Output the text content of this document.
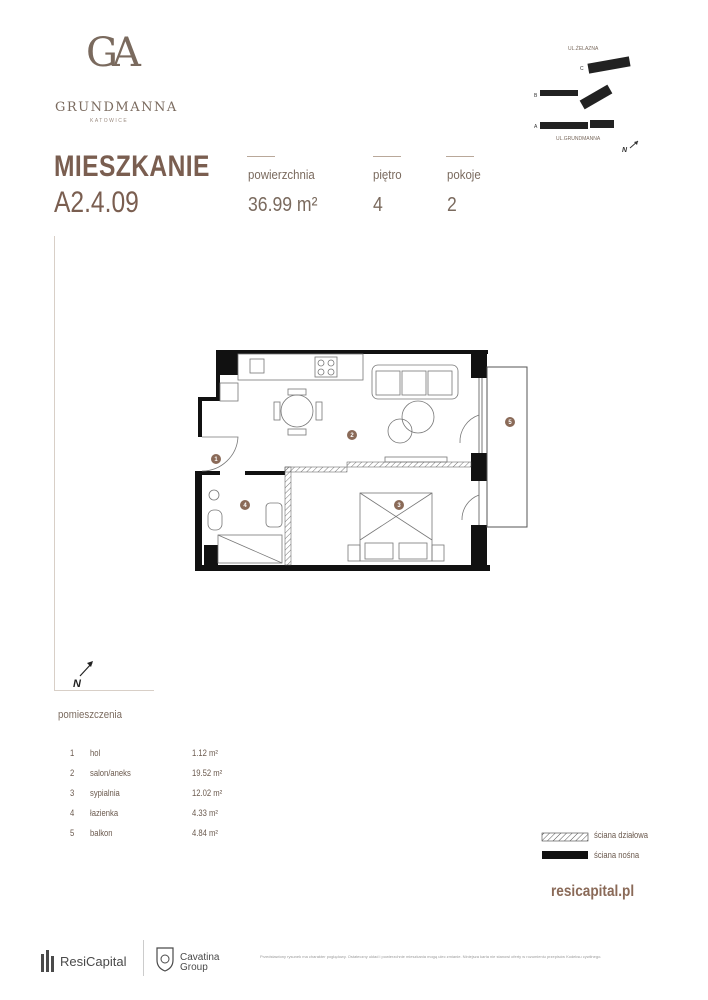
GA
GRUNDMANNA
KATOWICE
UL.ŻELAZNA
UL.GRUNDMANNA
C
B
A
N
MIESZKANIE
A2.4.09
powierzchnia
36.99 m²
piętro
4
pokoje
2
1
2
3
4
5
N
pomieszczenia
1 hol	1.12 m²
2 salon/aneks	19.52 m²
3 sypialnia	12.02 m²
4 łazienka	4.33 m²
5 balkon	4.84 m²	ściana działowa
ściana nośna
resicapital.pl
ResiCapital	Cavatina
Group
Przedstawiony rysunek ma charakter poglądowy. Ostateczny układ i powierzchnie mieszkania mogą ulec zmianie. Niniejsza karta nie stanowi oferty w rozumieniu przepisów Kodeksu cywilnego.
